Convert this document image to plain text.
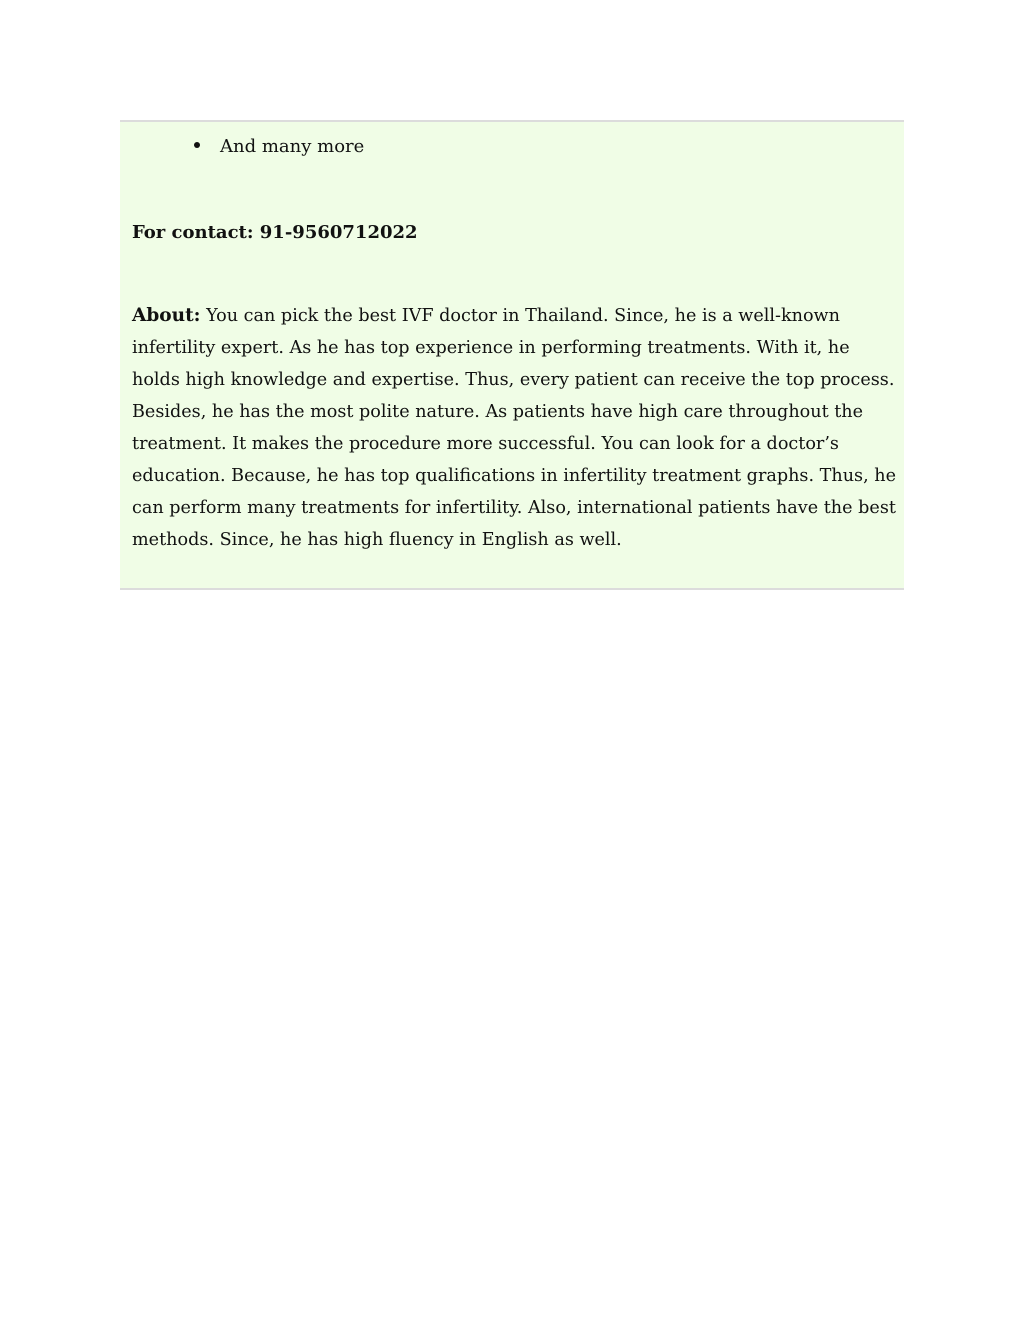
And many more
For contact: 91-9560712022

About: You can pick the best IVF doctor in Thailand. Since, he is a well-known infertility expert. As he has top experience in performing treatments. With it, he holds high knowledge and expertise. Thus, every patient can receive the top process. Besides, he has the most polite nature. As patients have high care throughout the treatment. It makes the procedure more successful. You can look for a doctor’s education. Because, he has top qualifications in infertility treatment graphs. Thus, he can perform many treatments for infertility. Also, international patients have the best methods. Since, he has high fluency in English as well.
